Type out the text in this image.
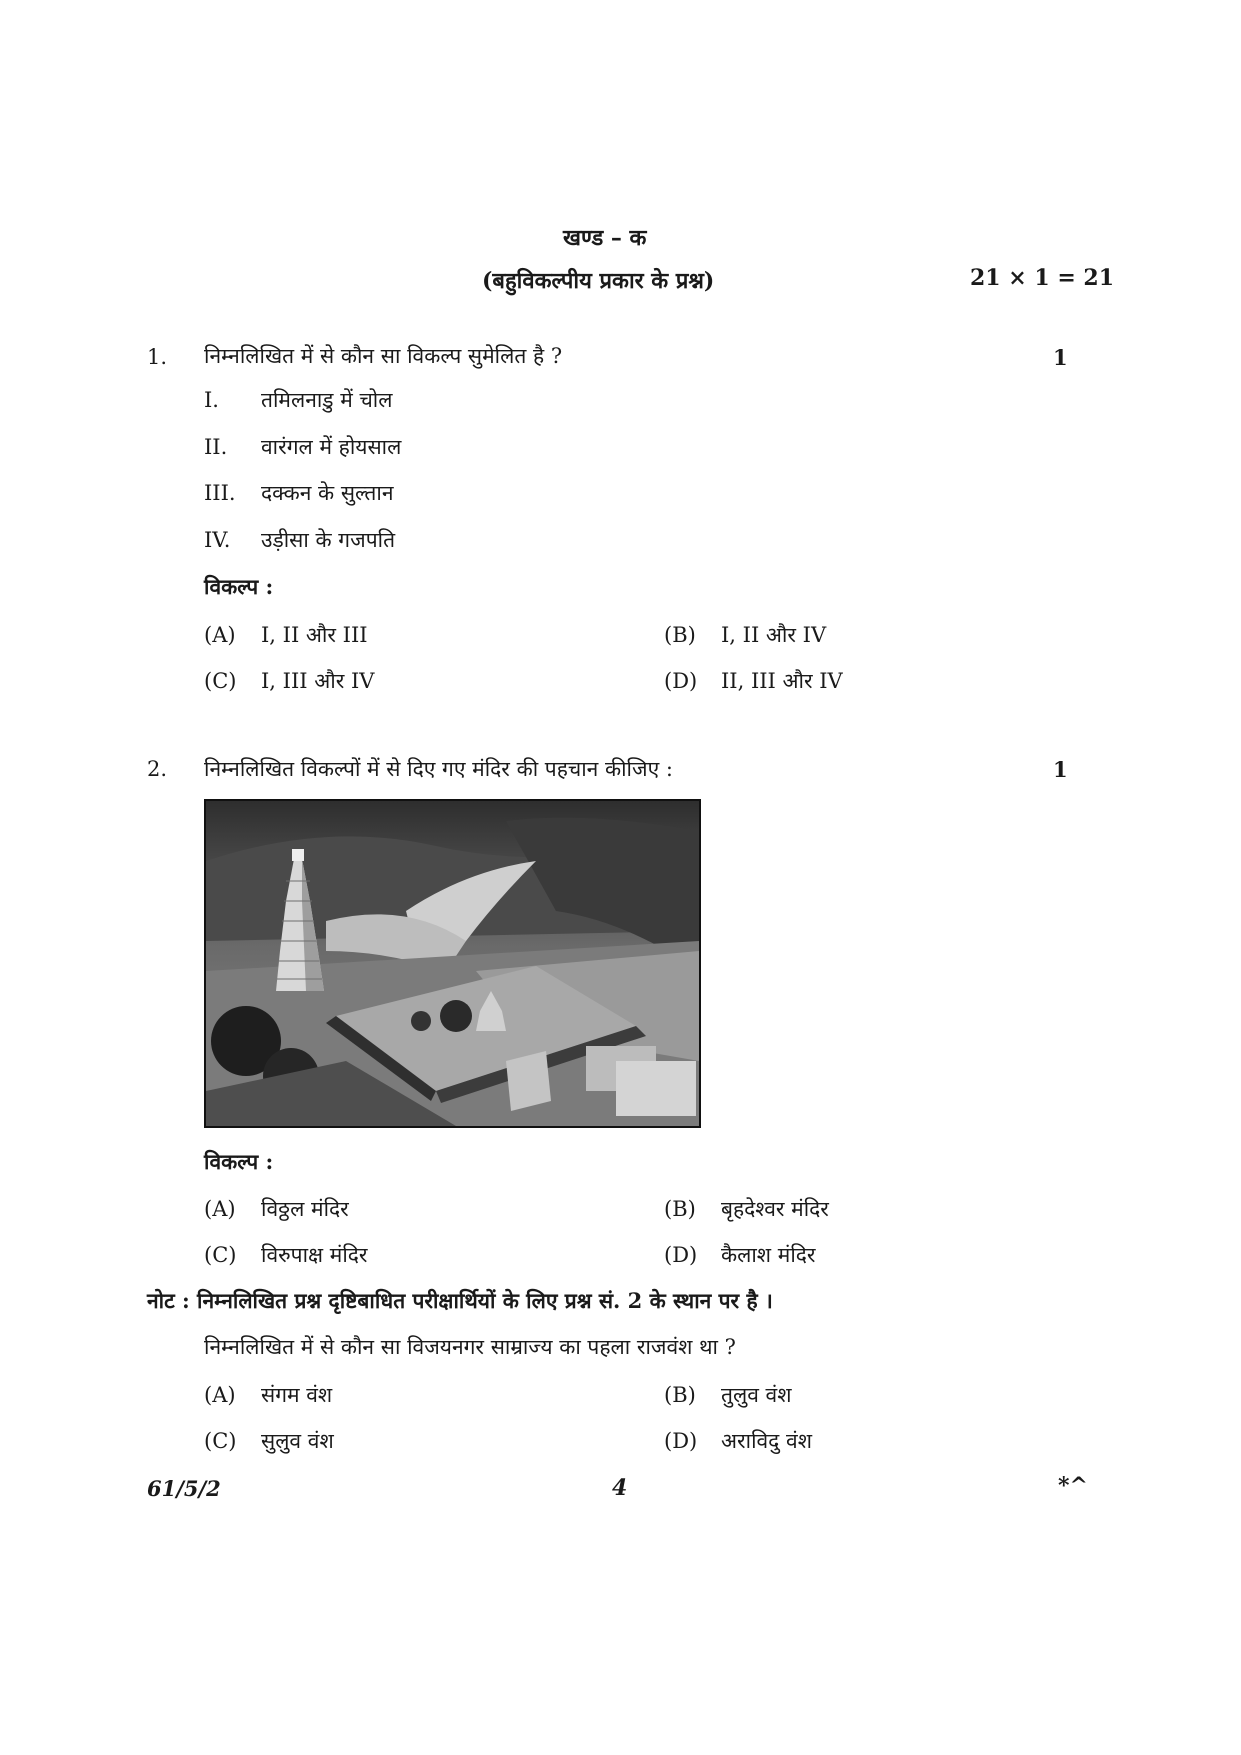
खण्ड – क
(बहुविकल्पीय प्रकार के प्रश्न)	21 × 1 = 21
1. निम्नलिखित में से कौन सा विकल्प सुमेलित है ?	1
I. तमिलनाडु में चोल
II. वारंगल में होयसाल
III. दक्कन के सुल्तान
IV. उड़ीसा के गजपति
विकल्प :
(A) I, II और III	(B) I, II और IV
(C) I, III और IV	(D) II, III और IV
2. निम्नलिखित विकल्पों में से दिए गए मंदिर की पहचान कीजिए :	1
विकल्प :
(A) विठ्ठल मंदिर	(B) बृहदेश्वर मंदिर
(C) विरुपाक्ष मंदिर	(D) कैलाश मंदिर
नोट : निम्नलिखित प्रश्न दृष्टिबाधित परीक्षार्थियों के लिए प्रश्न सं. 2 के स्थान पर है ।
निम्नलिखित में से कौन सा विजयनगर साम्राज्य का पहला राजवंश था ?
(A) संगम वंश	(B) तुलुव वंश
(C) सुलुव वंश	(D) अराविदु वंश
61/5/2	4	*^
